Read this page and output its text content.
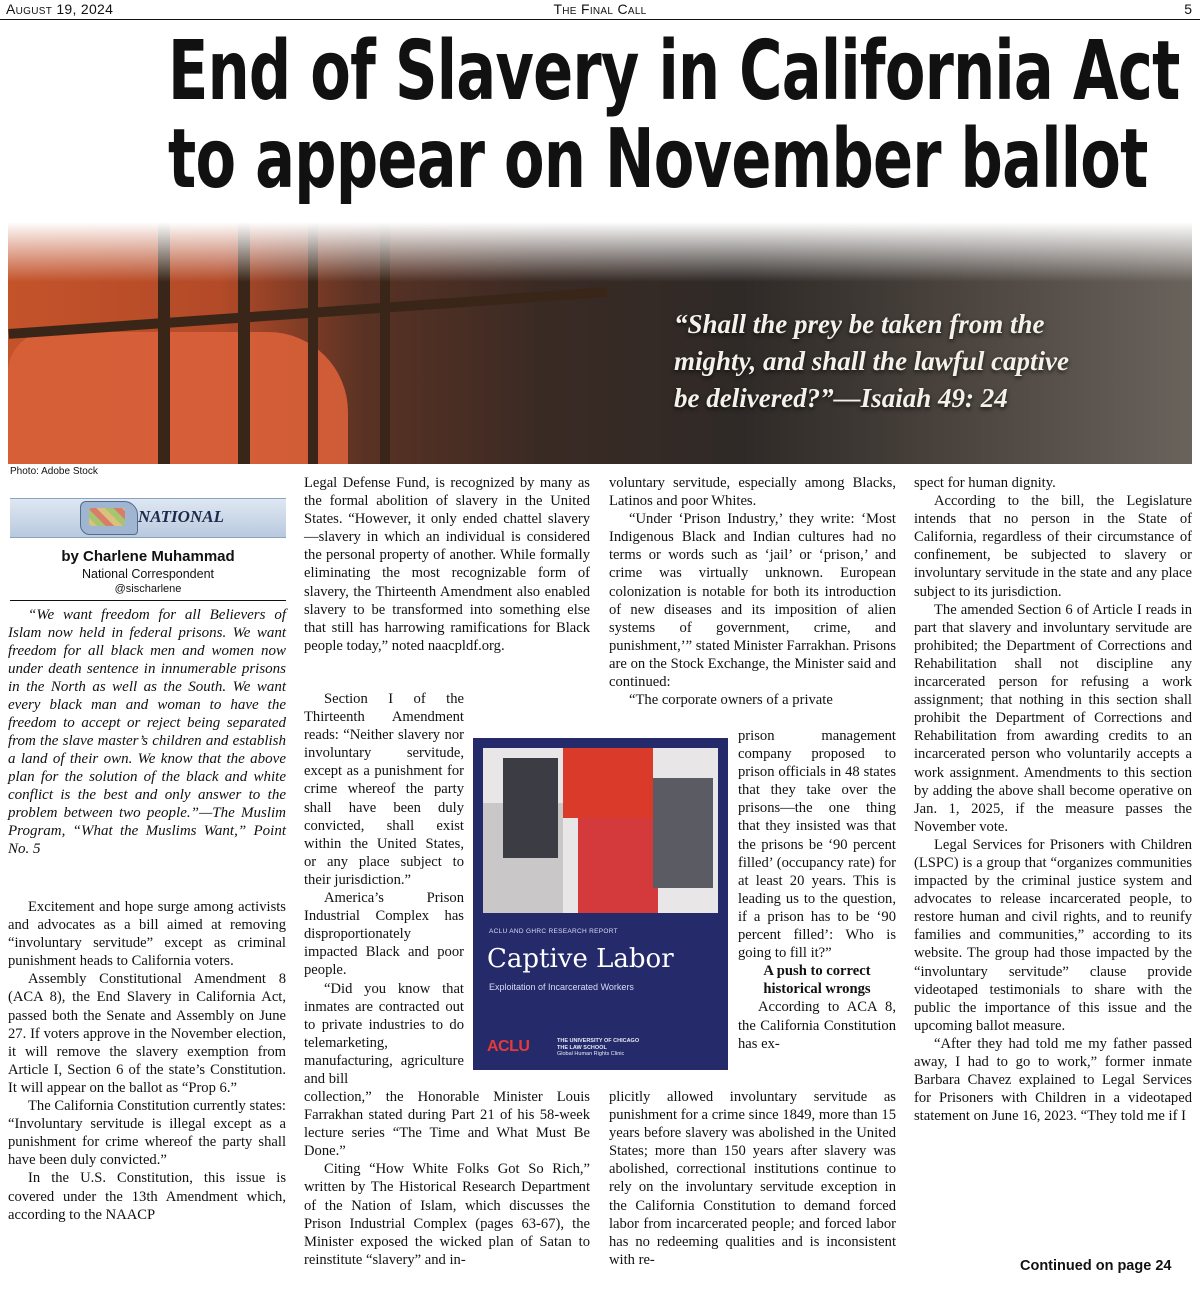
August 19, 2024	The Final Call	5
End of Slavery in California Act
to appear on November ballot
“Shall the prey be taken from the
mighty, and shall the lawful captive
be delivered?”—Isaiah 49: 24
Photo: Adobe Stock
NATIONAL
by Charlene Muhammad
National Correspondent
@sischarlene

“We want freedom for all Believers of Islam now held in federal prisons. We want freedom for all black men and women now under death sentence in innumerable prisons in the North as well as the South. We want every black man and woman to have the freedom to accept or reject being separated from the slave master’s children and establish a land of their own. We know that the above plan for the solution of the black and white conflict is the best and only answer to the problem between two people.”—The Muslim Program, “What the Muslims Want,” Point No. 5

Excitement and hope surge among activists and advocates as a bill aimed at removing “involuntary servitude” except as criminal punishment heads to California voters.

Assembly Constitutional Amendment 8 (ACA 8), the End Slavery in California Act, passed both the Senate and Assembly on June 27. If voters approve in the November election, it will remove the slavery exemption from Article I, Section 6 of the state’s Constitution. It will appear on the ballot as “Prop 6.”

The California Constitution currently states: “Involuntary servitude is illegal except as a punishment for crime whereof the party shall have been duly convicted.”

In the U.S. Constitution, this issue is covered under the 13th Amendment which, according to the NAACP

Legal Defense Fund, is recognized by many as the formal abolition of slavery in the United States. “However, it only ended chattel slavery—slavery in which an individual is considered the personal property of another. While formally eliminating the most recognizable form of slavery, the Thirteenth Amendment also enabled slavery to be transformed into something else that still has harrowing ramifications for Black people today,” noted naacpldf.org.

Section I of the Thirteenth Amendment reads: “Neither slavery nor involuntary servitude, except as a punishment for crime whereof the party shall have been duly convicted, shall exist within the United States, or any place subject to their jurisdiction.”

America’s Prison Industrial Complex has disproportionately impacted Black and poor people.

“Did you know that inmates are contracted out to private industries to do telemarketing, manufacturing, agriculture and bill

collection,” the Honorable Minister Louis Farrakhan stated during Part 21 of his 58-week lecture series “The Time and What Must Be Done.”

Citing “How White Folks Got So Rich,” written by The Historical Research Department of the Nation of Islam, which discusses the Prison Industrial Complex (pages 63-67), the Minister exposed the wicked plan of Satan to reinstitute “slavery” and in-

voluntary servitude, especially among Blacks, Latinos and poor Whites.

“Under ‘Prison Industry,’ they write: ‘Most Indigenous Black and Indian cultures had no terms or words such as ‘jail’ or ‘prison,’ and crime was virtually unknown. European colonization is notable for both its introduction of new diseases and its imposition of alien systems of government, crime, and punishment,’” stated Minister Farrakhan. Prisons are on the Stock Exchange, the Minister said and continued:

“The corporate owners of a private

prison management company proposed to prison officials in 48 states that they take over the prisons—the one thing that they insisted was that the prisons be ‘90 percent filled’ (occupancy rate) for at least 20 years. This is leading us to the question, if a prison has to be ‘90 percent filled’: Who is going to fill it?”

A push to correct historical wrongs

According to ACA 8, the California Constitution has ex-

plicitly allowed involuntary servitude as punishment for a crime since 1849, more than 15 years before slavery was abolished in the United States; more than 150 years after slavery was abolished, correctional institutions continue to rely on the involuntary servitude exception in the California Constitution to demand forced labor from incarcerated people; and forced labor has no redeeming qualities and is inconsistent with re-

spect for human dignity.

According to the bill, the Legislature intends that no person in the State of California, regardless of their circumstance of confinement, be subjected to slavery or involuntary servitude in the state and any place subject to its jurisdiction.

The amended Section 6 of Article I reads in part that slavery and involuntary servitude are prohibited; the Department of Corrections and Rehabilitation shall not discipline any incarcerated person for refusing a work assignment; that nothing in this section shall prohibit the Department of Corrections and Rehabilitation from awarding credits to an incarcerated person who voluntarily accepts a work assignment. Amendments to this section by adding the above shall become operative on Jan. 1, 2025, if the measure passes the November vote.

Legal Services for Prisoners with Children (LSPC) is a group that “organizes communities impacted by the criminal justice system and advocates to release incarcerated people, to restore human and civil rights, and to reunify families and communities,” according to its website. The group had those impacted by the “involuntary servitude” clause provide videotaped testimonials to share with the public the importance of this issue and the upcoming ballot measure.

“After they had told me my father passed away, I had to go to work,” former inmate Barbara Chavez explained to Legal Services for Prisoners with Children in a videotaped statement on June 16, 2023. “They told me if I

ACLU AND GHRC RESEARCH REPORT
Captive Labor
Exploitation of Incarcerated Workers
ACLU	THE UNIVERSITY OF CHICAGO
THE LAW SCHOOL
Global Human Rights Clinic
Continued on page 24
